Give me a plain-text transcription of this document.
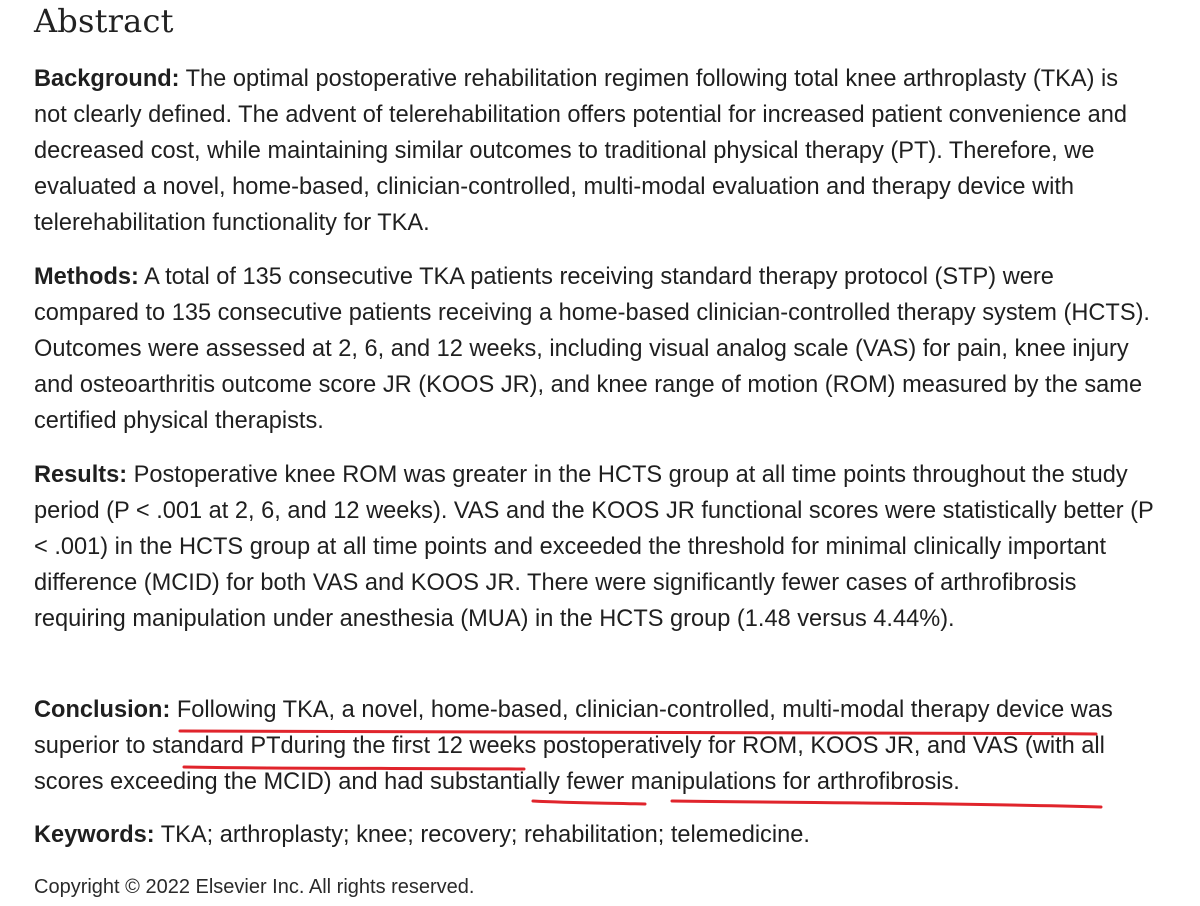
Abstract

Background: The optimal postoperative rehabilitation regimen following total knee arthroplasty (TKA) is not clearly defined. The advent of telerehabilitation offers potential for increased patient convenience and decreased cost, while maintaining similar outcomes to traditional physical therapy (PT). Therefore, we evaluated a novel, home-based, clinician-controlled, multi-modal evaluation and therapy device with telerehabilitation functionality for TKA.

Methods: A total of 135 consecutive TKA patients receiving standard therapy protocol (STP) were compared to 135 consecutive patients receiving a home-based clinician-controlled therapy system (HCTS). Outcomes were assessed at 2, 6, and 12 weeks, including visual analog scale (VAS) for pain, knee injury and osteoarthritis outcome score JR (KOOS JR), and knee range of motion (ROM) measured by the same certified physical therapists.

Results: Postoperative knee ROM was greater in the HCTS group at all time points throughout the study period (P < .001 at 2, 6, and 12 weeks). VAS and the KOOS JR functional scores were statistically better (P < .001) in the HCTS group at all time points and exceeded the threshold for minimal clinically important difference (MCID) for both VAS and KOOS JR. There were significantly fewer cases of arthrofibrosis requiring manipulation under anesthesia (MUA) in the HCTS group (1.48 versus 4.44%).

Conclusion: Following TKA, a novel, home-based, clinician-controlled, multi-modal therapy device was superior to standard PTduring the first 12 weeks postoperatively for ROM, KOOS JR, and VAS (with all scores exceeding the MCID) and had substantially fewer manipulations for arthrofibrosis.

Keywords: TKA; arthroplasty; knee; recovery; rehabilitation; telemedicine.

Copyright © 2022 Elsevier Inc. All rights reserved.
